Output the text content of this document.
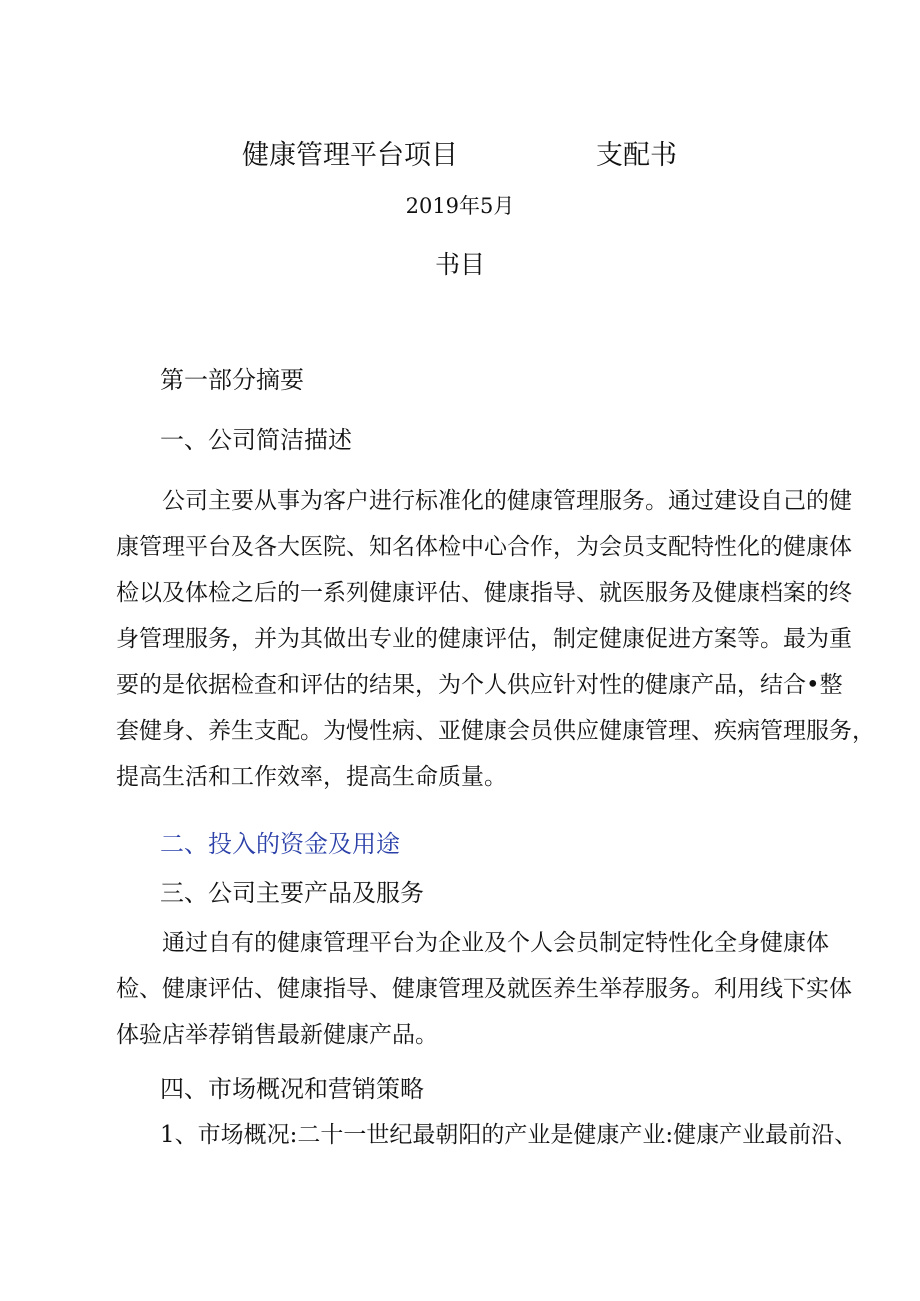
健康管理平台项目	支配书
2019年5月
书目
第一部分摘要
一、公司简洁描述
公司主要从事为客户进行标准化的健康管理服务。通过建设自己的健
康管理平台及各大医院、知名体检中心合作，为会员支配特性化的健康体
检以及体检之后的一系列健康评估、健康指导、就医服务及健康档案的终
身管理服务，并为其做出专业的健康评估，制定健康促进方案等。最为重
要的是依据检查和评估的结果，为个人供应针对性的健康产品，结合•整
套健身、养生支配。为慢性病、亚健康会员供应健康管理、疾病管理服务，
提高生活和工作效率，提高生命质量。
二、投入的资金及用途
三、公司主要产品及服务
通过自有的健康管理平台为企业及个人会员制定特性化全身健康体
检、健康评估、健康指导、健康管理及就医养生举荐服务。利用线下实体
体验店举荐销售最新健康产品。
四、市场概况和营销策略
1、市场概况:二十一世纪最朝阳的产业是健康产业:健康产业最前沿、
